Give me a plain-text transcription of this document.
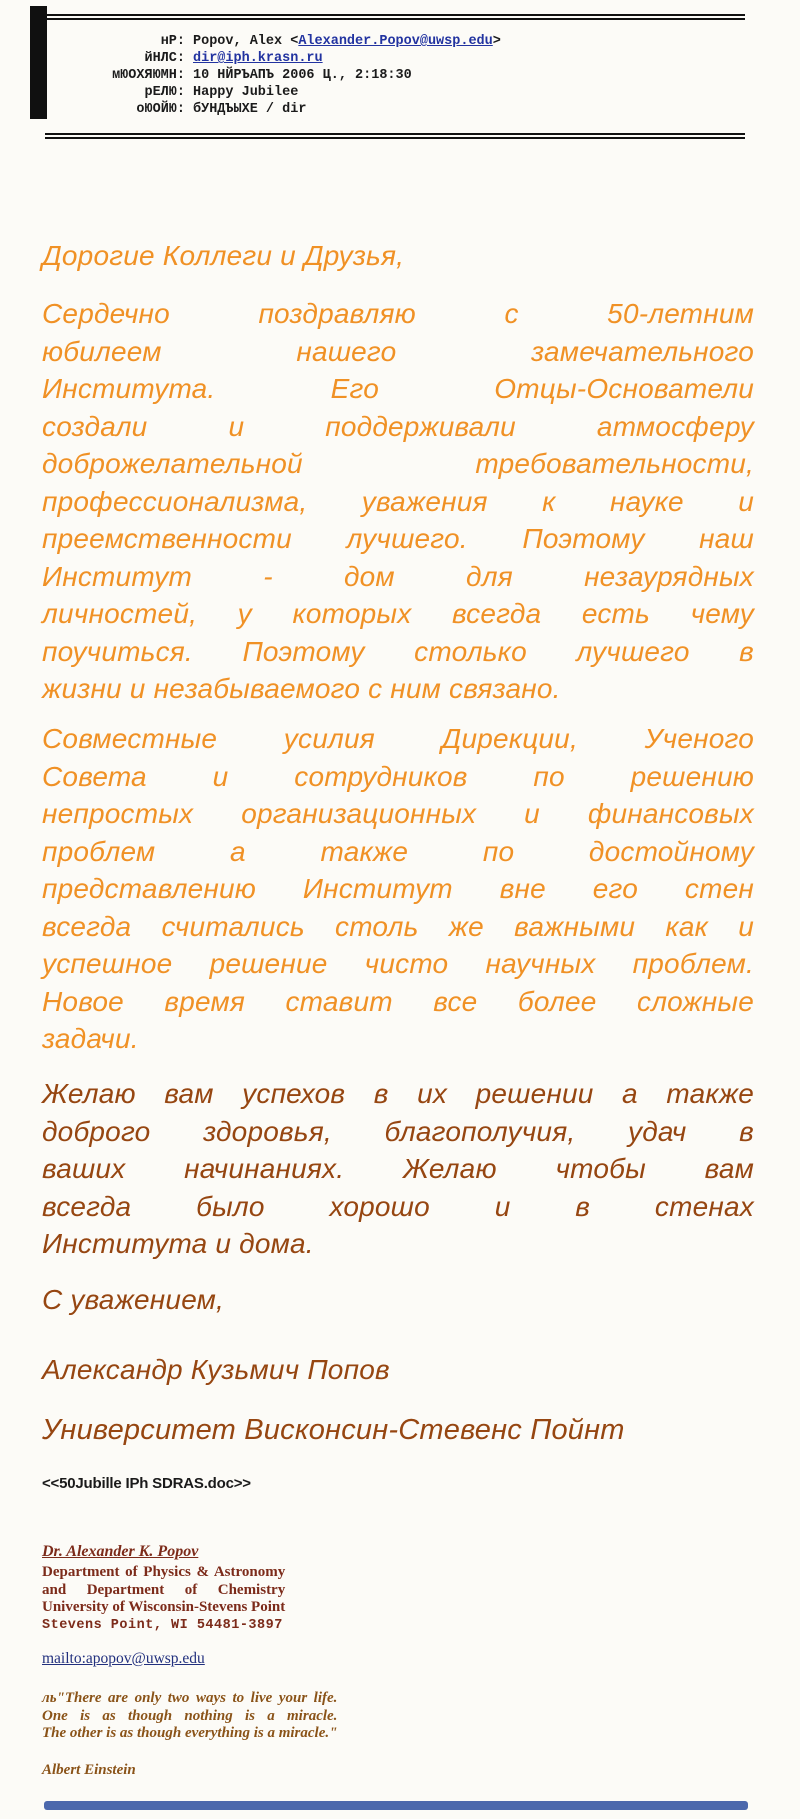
нР: Popov, Alex <Alexander.Popov@uwsp.edu>
йНЛС: dir@iph.krasn.ru
мЮОХЯЮМН: 10 НЙРЪАПЪ 2006 Ц., 2:18:30
рЕЛЮ: Happy Jubilee
оЮОЙЮ: бУНДЪЫХЕ / dir
Дорогие Коллеги и Друзья,
Сердечно поздравляю с 50-летним
юбилеем нашего замечательного
Института. Его Отцы-Основатели
создали и поддерживали атмосферу
доброжелательной требовательности,
профессионализма, уважения к науке и
преемственности лучшего. Поэтому наш
Институт - дом для незаурядных
личностей, у которых всегда есть чему
поучиться. Поэтому столько лучшего в
жизни и незабываемого с ним связано.
Совместные усилия Дирекции, Ученого
Совета и сотрудников по решению
непростых организационных и финансовых
проблем а также по достойному
представлению Институт вне его стен
всегда считались столь же важными как и
успешное решение чисто научных проблем.
Новое время ставит все более сложные
задачи.
Желаю вам успехов в их решении а также
доброго здоровья, благополучия, удач в
ваших начинаниях. Желаю чтобы вам
всегда было хорошо и в стенах
Института и дома.
С уважением,
Александр Кузьмич Попов
Университет Висконсин-Стевенс Пойнт
<<50Jubille IPh SDRAS.doc>>
Dr. Alexander K. Popov
Department of Physics & Astronomy
and Department of Chemistry
University of Wisconsin-Stevens Point
Stevens Point, WI 54481-3897
mailto:apopov@uwsp.edu
ль"There are only two ways to live your life.
One is as though nothing is a miracle.
The other is as though everything is a miracle."
Albert Einstein
